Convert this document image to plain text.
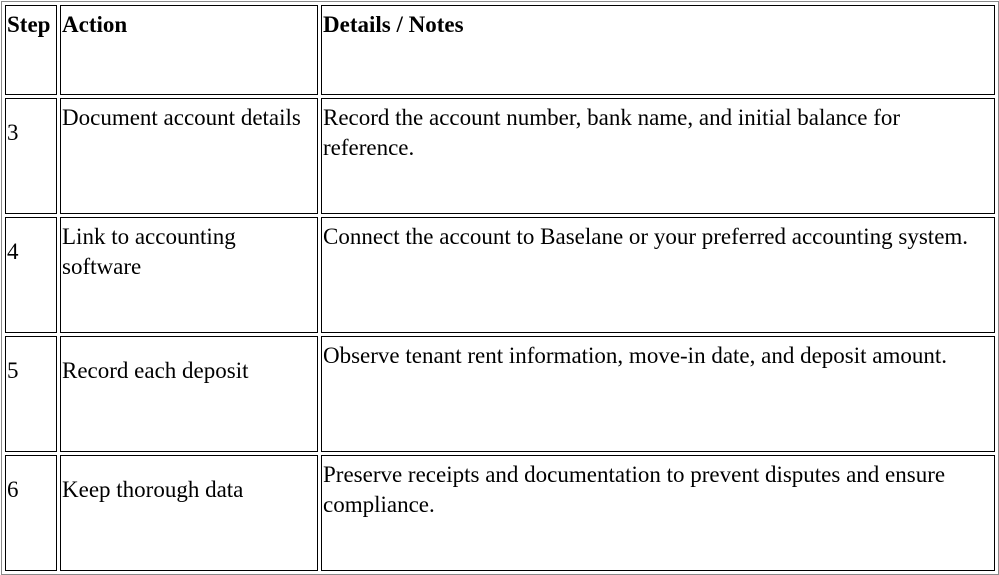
Step	Action	Details / Notes
3	Document account details	Record the account number, bank name, and initial balance for reference.
4	Link to accounting software	Connect the account to Baselane or your preferred accounting system.
5	Record each deposit	Observe tenant rent information, move-in date, and deposit amount.
6	Keep thorough data	Preserve receipts and documentation to prevent disputes and ensure compliance.
